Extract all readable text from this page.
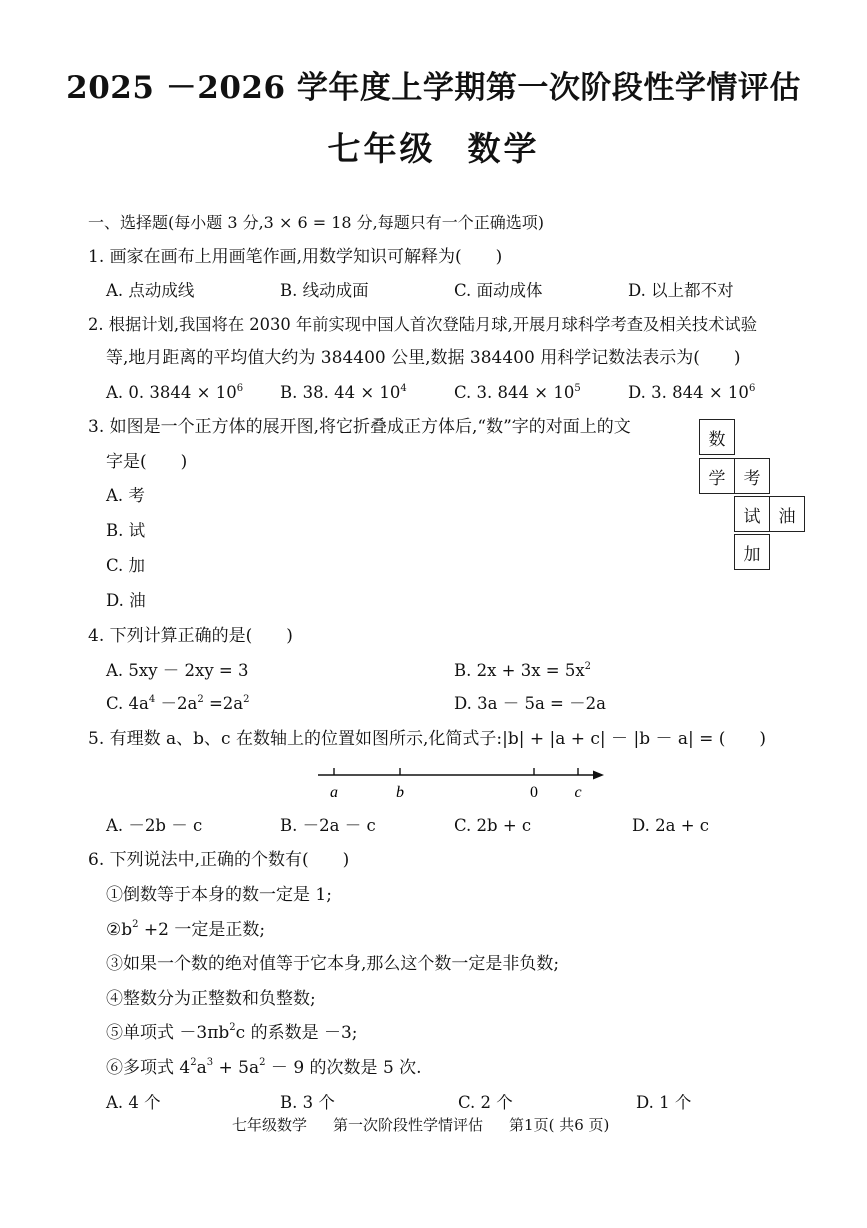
2025 －2026 学年度上学期第一次阶段性学情评估
七年级 数学
一、选择题(每小题 3 分,3 × 6 = 18 分,每题只有一个正确选项)
1. 画家在画布上用画笔作画,用数学知识可解释为(　　)
A. 点动成线	B. 线动成面	C. 面动成体	D. 以上都不对
2. 根据计划,我国将在 2030 年前实现中国人首次登陆月球,开展月球科学考查及相关技术试验
等,地月距离的平均值大约为 384400 公里,数据 384400 用科学记数法表示为(　　)
A. 0. $3844 \times 10^6$ B. 38. $44 \times 10^4$	C. 3. $844 \times 10^5$	D. 3. $844 \times 10^6$
3. 如图是一个正方体的展开图,将它折叠成正方体后,“数”字的对面上的文
字是(　　)
A. 考
B. 试
C. 加
D. 油
数
学	考
试	油
加
4. 下列计算正确的是(　　)
A. 5xy － 2xy = 3	B. $2x + 3x = 5x^2$
C. $4a^4 -2a^2 =2a^2$	D. 3a － 5a = －2a
5. 有理数 a、b、c 在数轴上的位置如图所示,化简式子:|b| + |a + c| － |b － a| = (　　)
a	b	0 c
A. －2b － c	B. －2a － c	C. 2b + c	D. 2a + c
6. 下列说法中,正确的个数有(　　)
①倒数等于本身的数一定是 1;
$②b^2 +2$ 一定是正数;
③如果一个数的绝对值等于它本身,那么这个数一定是非负数;
④整数分为正整数和负整数;
⑤单项式 $-3\pi b^2c$ 的系数是 －3;
⑥多项式 $4^2a^3 + 5a^2 - 9$ 的次数是 5 次.
A. 4 个	B. 3 个	C. 2 个	D. 1 个
七年级数学 第一次阶段性学情评估 第1页( 共6 页)
